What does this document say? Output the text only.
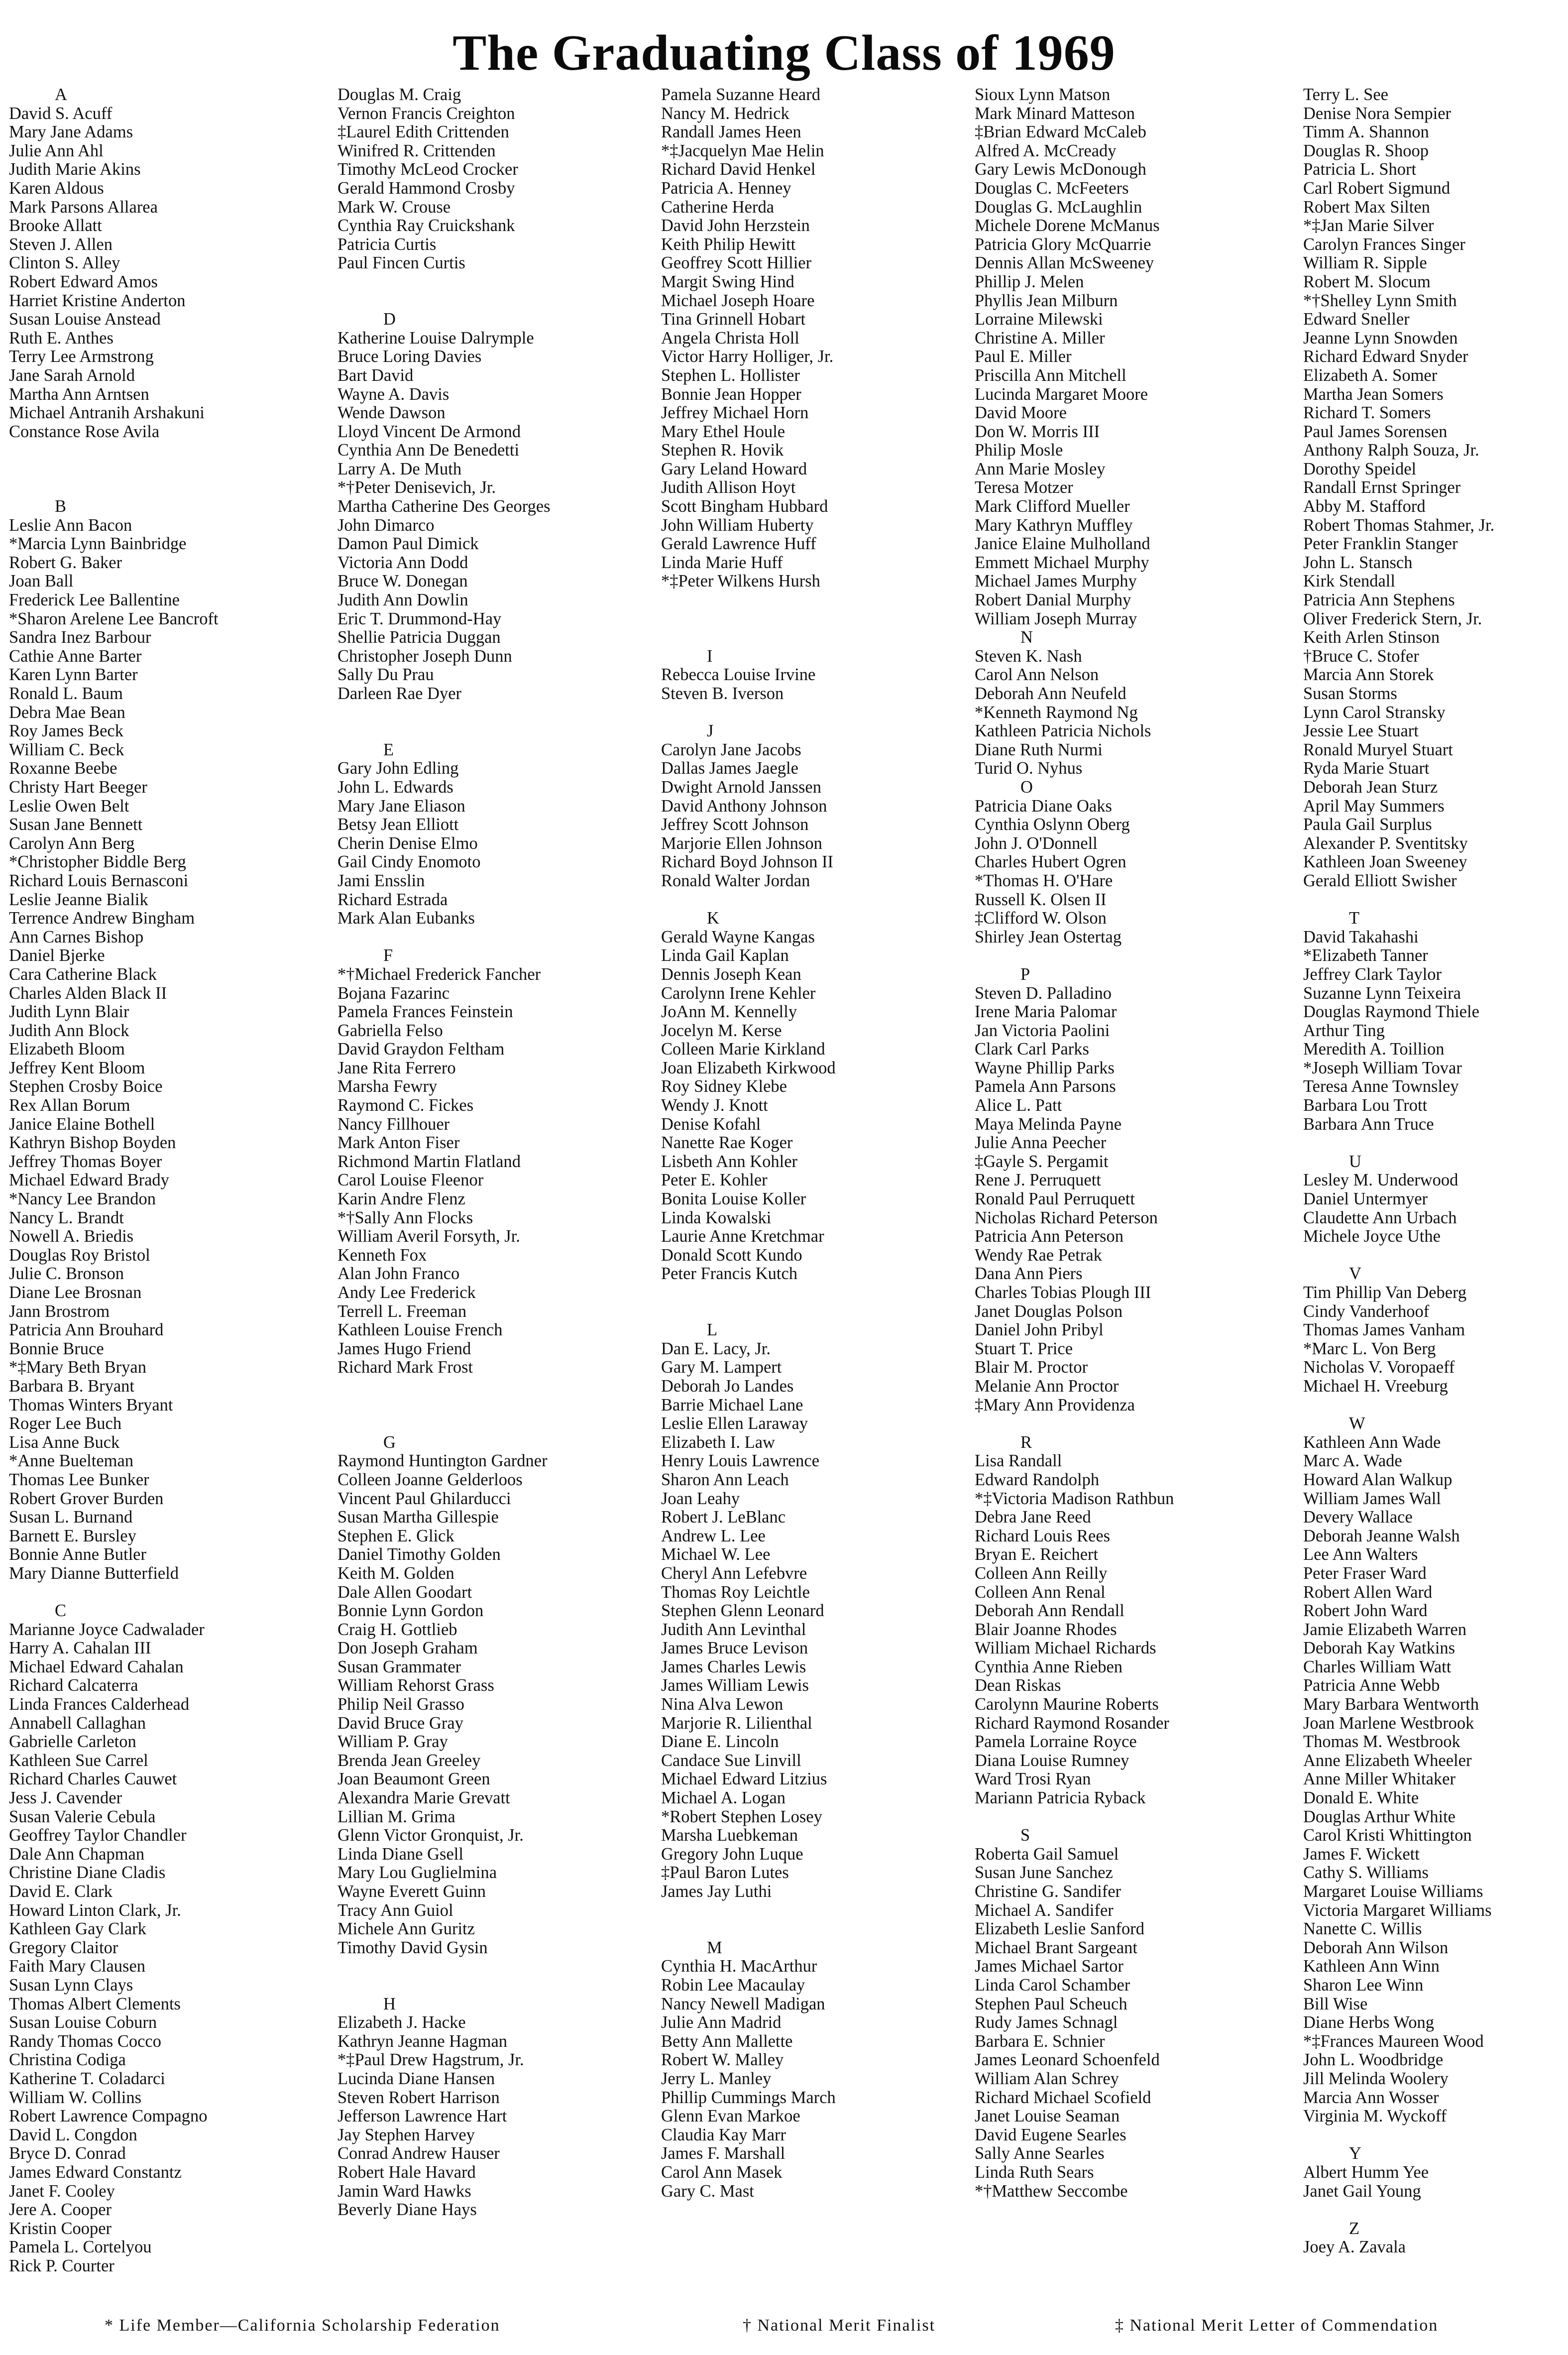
The Graduating Class of 1969
A
David S. Acuff
Mary Jane Adams
Julie Ann Ahl
Judith Marie Akins
Karen Aldous
Mark Parsons Allarea
Brooke Allatt
Steven J. Allen
Clinton S. Alley
Robert Edward Amos
Harriet Kristine Anderton
Susan Louise Anstead
Ruth E. Anthes
Terry Lee Armstrong
Jane Sarah Arnold
Martha Ann Arntsen
Michael Antranih Arshakuni
Constance Rose Avila
B
Leslie Ann Bacon
*Marcia Lynn Bainbridge
Robert G. Baker
Joan Ball
Frederick Lee Ballentine
*Sharon Arelene Lee Bancroft
Sandra Inez Barbour
Cathie Anne Barter
Karen Lynn Barter
Ronald L. Baum
Debra Mae Bean
Roy James Beck
William C. Beck
Roxanne Beebe
Christy Hart Beeger
Leslie Owen Belt
Susan Jane Bennett
Carolyn Ann Berg
*Christopher Biddle Berg
Richard Louis Bernasconi
Leslie Jeanne Bialik
Terrence Andrew Bingham
Ann Carnes Bishop
Daniel Bjerke
Cara Catherine Black
Charles Alden Black II
Judith Lynn Blair
Judith Ann Block
Elizabeth Bloom
Jeffrey Kent Bloom
Stephen Crosby Boice
Rex Allan Borum
Janice Elaine Bothell
Kathryn Bishop Boyden
Jeffrey Thomas Boyer
Michael Edward Brady
*Nancy Lee Brandon
Nancy L. Brandt
Nowell A. Briedis
Douglas Roy Bristol
Julie C. Bronson
Diane Lee Brosnan
Jann Brostrom
Patricia Ann Brouhard
Bonnie Bruce
*‡Mary Beth Bryan
Barbara B. Bryant
Thomas Winters Bryant
Roger Lee Buch
Lisa Anne Buck
*Anne Buelteman
Thomas Lee Bunker
Robert Grover Burden
Susan L. Burnand
Barnett E. Bursley
Bonnie Anne Butler
Mary Dianne Butterfield
C
Marianne Joyce Cadwalader
Harry A. Cahalan III
Michael Edward Cahalan
Richard Calcaterra
Linda Frances Calderhead
Annabell Callaghan
Gabrielle Carleton
Kathleen Sue Carrel
Richard Charles Cauwet
Jess J. Cavender
Susan Valerie Cebula
Geoffrey Taylor Chandler
Dale Ann Chapman
Christine Diane Cladis
David E. Clark
Howard Linton Clark, Jr.
Kathleen Gay Clark
Gregory Claitor
Faith Mary Clausen
Susan Lynn Clays
Thomas Albert Clements
Susan Louise Coburn
Randy Thomas Cocco
Christina Codiga
Katherine T. Coladarci
William W. Collins
Robert Lawrence Compagno
David L. Congdon
Bryce D. Conrad
James Edward Constantz
Janet F. Cooley
Jere A. Cooper
Kristin Cooper
Pamela L. Cortelyou
Rick P. Courter
Douglas M. Craig
Vernon Francis Creighton
‡Laurel Edith Crittenden
Winifred R. Crittenden
Timothy McLeod Crocker
Gerald Hammond Crosby
Mark W. Crouse
Cynthia Ray Cruickshank
Patricia Curtis
Paul Fincen Curtis
D
Katherine Louise Dalrymple
Bruce Loring Davies
Bart David
Wayne A. Davis
Wende Dawson
Lloyd Vincent De Armond
Cynthia Ann De Benedetti
Larry A. De Muth
*†Peter Denisevich, Jr.
Martha Catherine Des Georges
John Dimarco
Damon Paul Dimick
Victoria Ann Dodd
Bruce W. Donegan
Judith Ann Dowlin
Eric T. Drummond-Hay
Shellie Patricia Duggan
Christopher Joseph Dunn
Sally Du Prau
Darleen Rae Dyer
E
Gary John Edling
John L. Edwards
Mary Jane Eliason
Betsy Jean Elliott
Cherin Denise Elmo
Gail Cindy Enomoto
Jami Ensslin
Richard Estrada
Mark Alan Eubanks
F
*†Michael Frederick Fancher
Bojana Fazarinc
Pamela Frances Feinstein
Gabriella Felso
David Graydon Feltham
Jane Rita Ferrero
Marsha Fewry
Raymond C. Fickes
Nancy Fillhouer
Mark Anton Fiser
Richmond Martin Flatland
Carol Louise Fleenor
Karin Andre Flenz
*†Sally Ann Flocks
William Averil Forsyth, Jr.
Kenneth Fox
Alan John Franco
Andy Lee Frederick
Terrell L. Freeman
Kathleen Louise French
James Hugo Friend
Richard Mark Frost
G
Raymond Huntington Gardner
Colleen Joanne Gelderloos
Vincent Paul Ghilarducci
Susan Martha Gillespie
Stephen E. Glick
Daniel Timothy Golden
Keith M. Golden
Dale Allen Goodart
Bonnie Lynn Gordon
Craig H. Gottlieb
Don Joseph Graham
Susan Grammater
William Rehorst Grass
Philip Neil Grasso
David Bruce Gray
William P. Gray
Brenda Jean Greeley
Joan Beaumont Green
Alexandra Marie Grevatt
Lillian M. Grima
Glenn Victor Gronquist, Jr.
Linda Diane Gsell
Mary Lou Guglielmina
Wayne Everett Guinn
Tracy Ann Guiol
Michele Ann Guritz
Timothy David Gysin
H
Elizabeth J. Hacke
Kathryn Jeanne Hagman
*‡Paul Drew Hagstrum, Jr.
Lucinda Diane Hansen
Steven Robert Harrison
Jefferson Lawrence Hart
Jay Stephen Harvey
Conrad Andrew Hauser
Robert Hale Havard
Jamin Ward Hawks
Beverly Diane Hays
Pamela Suzanne Heard
Nancy M. Hedrick
Randall James Heen
*‡Jacquelyn Mae Helin
Richard David Henkel
Patricia A. Henney
Catherine Herda
David John Herzstein
Keith Philip Hewitt
Geoffrey Scott Hillier
Margit Swing Hind
Michael Joseph Hoare
Tina Grinnell Hobart
Angela Christa Holl
Victor Harry Holliger, Jr.
Stephen L. Hollister
Bonnie Jean Hopper
Jeffrey Michael Horn
Mary Ethel Houle
Stephen R. Hovik
Gary Leland Howard
Judith Allison Hoyt
Scott Bingham Hubbard
John William Huberty
Gerald Lawrence Huff
Linda Marie Huff
*‡Peter Wilkens Hursh
I
Rebecca Louise Irvine
Steven B. Iverson
J
Carolyn Jane Jacobs
Dallas James Jaegle
Dwight Arnold Janssen
David Anthony Johnson
Jeffrey Scott Johnson
Marjorie Ellen Johnson
Richard Boyd Johnson II
Ronald Walter Jordan
K
Gerald Wayne Kangas
Linda Gail Kaplan
Dennis Joseph Kean
Carolynn Irene Kehler
JoAnn M. Kennelly
Jocelyn M. Kerse
Colleen Marie Kirkland
Joan Elizabeth Kirkwood
Roy Sidney Klebe
Wendy J. Knott
Denise Kofahl
Nanette Rae Koger
Lisbeth Ann Kohler
Peter E. Kohler
Bonita Louise Koller
Linda Kowalski
Laurie Anne Kretchmar
Donald Scott Kundo
Peter Francis Kutch
L
Dan E. Lacy, Jr.
Gary M. Lampert
Deborah Jo Landes
Barrie Michael Lane
Leslie Ellen Laraway
Elizabeth I. Law
Henry Louis Lawrence
Sharon Ann Leach
Joan Leahy
Robert J. LeBlanc
Andrew L. Lee
Michael W. Lee
Cheryl Ann Lefebvre
Thomas Roy Leichtle
Stephen Glenn Leonard
Judith Ann Levinthal
James Bruce Levison
James Charles Lewis
James William Lewis
Nina Alva Lewon
Marjorie R. Lilienthal
Diane E. Lincoln
Candace Sue Linvill
Michael Edward Litzius
Michael A. Logan
*Robert Stephen Losey
Marsha Luebkeman
Gregory John Luque
‡Paul Baron Lutes
James Jay Luthi
M
Cynthia H. MacArthur
Robin Lee Macaulay
Nancy Newell Madigan
Julie Ann Madrid
Betty Ann Mallette
Robert W. Malley
Jerry L. Manley
Phillip Cummings March
Glenn Evan Markoe
Claudia Kay Marr
James F. Marshall
Carol Ann Masek
Gary C. Mast
Sioux Lynn Matson
Mark Minard Matteson
‡Brian Edward McCaleb
Alfred A. McCready
Gary Lewis McDonough
Douglas C. McFeeters
Douglas G. McLaughlin
Michele Dorene McManus
Patricia Glory McQuarrie
Dennis Allan McSweeney
Phillip J. Melen
Phyllis Jean Milburn
Lorraine Milewski
Christine A. Miller
Paul E. Miller
Priscilla Ann Mitchell
Lucinda Margaret Moore
David Moore
Don W. Morris III
Philip Mosle
Ann Marie Mosley
Teresa Motzer
Mark Clifford Mueller
Mary Kathryn Muffley
Janice Elaine Mulholland
Emmett Michael Murphy
Michael James Murphy
Robert Danial Murphy
William Joseph Murray
N
Steven K. Nash
Carol Ann Nelson
Deborah Ann Neufeld
*Kenneth Raymond Ng
Kathleen Patricia Nichols
Diane Ruth Nurmi
Turid O. Nyhus
O
Patricia Diane Oaks
Cynthia Oslynn Oberg
John J. O'Donnell
Charles Hubert Ogren
*Thomas H. O'Hare
Russell K. Olsen II
‡Clifford W. Olson
Shirley Jean Ostertag
P
Steven D. Palladino
Irene Maria Palomar
Jan Victoria Paolini
Clark Carl Parks
Wayne Phillip Parks
Pamela Ann Parsons
Alice L. Patt
Maya Melinda Payne
Julie Anna Peecher
‡Gayle S. Pergamit
Rene J. Perruquett
Ronald Paul Perruquett
Nicholas Richard Peterson
Patricia Ann Peterson
Wendy Rae Petrak
Dana Ann Piers
Charles Tobias Plough III
Janet Douglas Polson
Daniel John Pribyl
Stuart T. Price
Blair M. Proctor
Melanie Ann Proctor
‡Mary Ann Providenza
R
Lisa Randall
Edward Randolph
*‡Victoria Madison Rathbun
Debra Jane Reed
Richard Louis Rees
Bryan E. Reichert
Colleen Ann Reilly
Colleen Ann Renal
Deborah Ann Rendall
Blair Joanne Rhodes
William Michael Richards
Cynthia Anne Rieben
Dean Riskas
Carolynn Maurine Roberts
Richard Raymond Rosander
Pamela Lorraine Royce
Diana Louise Rumney
Ward Trosi Ryan
Mariann Patricia Ryback
S
Roberta Gail Samuel
Susan June Sanchez
Christine G. Sandifer
Michael A. Sandifer
Elizabeth Leslie Sanford
Michael Brant Sargeant
James Michael Sartor
Linda Carol Schamber
Stephen Paul Scheuch
Rudy James Schnagl
Barbara E. Schnier
James Leonard Schoenfeld
William Alan Schrey
Richard Michael Scofield
Janet Louise Seaman
David Eugene Searles
Sally Anne Searles
Linda Ruth Sears
*†Matthew Seccombe
Terry L. See
Denise Nora Sempier
Timm A. Shannon
Douglas R. Shoop
Patricia L. Short
Carl Robert Sigmund
Robert Max Silten
*‡Jan Marie Silver
Carolyn Frances Singer
William R. Sipple
Robert M. Slocum
*†Shelley Lynn Smith
Edward Sneller
Jeanne Lynn Snowden
Richard Edward Snyder
Elizabeth A. Somer
Martha Jean Somers
Richard T. Somers
Paul James Sorensen
Anthony Ralph Souza, Jr.
Dorothy Speidel
Randall Ernst Springer
Abby M. Stafford
Robert Thomas Stahmer, Jr.
Peter Franklin Stanger
John L. Stansch
Kirk Stendall
Patricia Ann Stephens
Oliver Frederick Stern, Jr.
Keith Arlen Stinson
†Bruce C. Stofer
Marcia Ann Storek
Susan Storms
Lynn Carol Stransky
Jessie Lee Stuart
Ronald Muryel Stuart
Ryda Marie Stuart
Deborah Jean Sturz
April May Summers
Paula Gail Surplus
Alexander P. Sventitsky
Kathleen Joan Sweeney
Gerald Elliott Swisher
T
David Takahashi
*Elizabeth Tanner
Jeffrey Clark Taylor
Suzanne Lynn Teixeira
Douglas Raymond Thiele
Arthur Ting
Meredith A. Toillion
*Joseph William Tovar
Teresa Anne Townsley
Barbara Lou Trott
Barbara Ann Truce
U
Lesley M. Underwood
Daniel Untermyer
Claudette Ann Urbach
Michele Joyce Uthe
V
Tim Phillip Van Deberg
Cindy Vanderhoof
Thomas James Vanham
*Marc L. Von Berg
Nicholas V. Voropaeff
Michael H. Vreeburg
W
Kathleen Ann Wade
Marc A. Wade
Howard Alan Walkup
William James Wall
Devery Wallace
Deborah Jeanne Walsh
Lee Ann Walters
Peter Fraser Ward
Robert Allen Ward
Robert John Ward
Jamie Elizabeth Warren
Deborah Kay Watkins
Charles William Watt
Patricia Anne Webb
Mary Barbara Wentworth
Joan Marlene Westbrook
Thomas M. Westbrook
Anne Elizabeth Wheeler
Anne Miller Whitaker
Donald E. White
Douglas Arthur White
Carol Kristi Whittington
James F. Wickett
Cathy S. Williams
Margaret Louise Williams
Victoria Margaret Williams
Nanette C. Willis
Deborah Ann Wilson
Kathleen Ann Winn
Sharon Lee Winn
Bill Wise
Diane Herbs Wong
*‡Frances Maureen Wood
John L. Woodbridge
Jill Melinda Woolery
Marcia Ann Wosser
Virginia M. Wyckoff
Y
Albert Humm Yee
Janet Gail Young
Z
Joey A. Zavala
* Life Member—California Scholarship Federation	† National Merit Finalist	‡ National Merit Letter of Commendation
